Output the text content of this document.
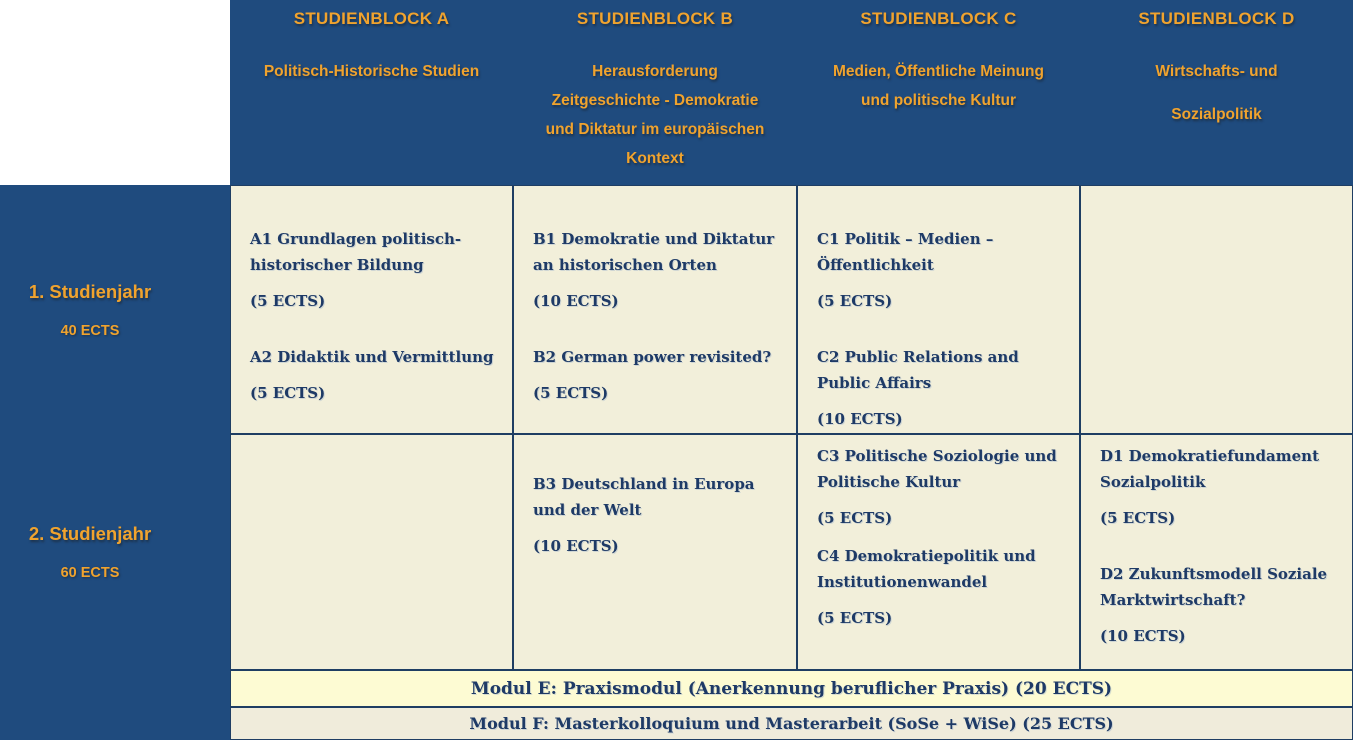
STUDIENBLOCK A
Politisch-Historische Studien
STUDIENBLOCK B
Herausforderung
Zeitgeschichte - Demokratie
und Diktatur im europäischen
Kontext
STUDIENBLOCK C
Medien, Öffentliche Meinung
und politische Kultur
STUDIENBLOCK D
Wirtschafts- und
Sozialpolitik
1. Studienjahr
40 ECTS
A1 Grundlagen politisch-
historischer Bildung

(5 ECTS)

A2 Didaktik und Vermittlung

(5 ECTS)

B1 Demokratie und Diktatur
an historischen Orten

(10 ECTS)

B2 German power revisited?

(5 ECTS)

C1 Politik – Medien –
Öffentlichkeit

(5 ECTS)

C2 Public Relations and
Public Affairs

(10 ECTS)

2. Studienjahr
60 ECTS
B3 Deutschland in Europa
und der Welt

(10 ECTS)

C3 Politische Soziologie und
Politische Kultur

(5 ECTS)

C4 Demokratiepolitik und
Institutionenwandel

(5 ECTS)

D1 Demokratiefundament
Sozialpolitik

(5 ECTS)

D2 Zukunftsmodell Soziale
Marktwirtschaft?

(10 ECTS)

Modul E: Praxismodul (Anerkennung beruflicher Praxis) (20 ECTS)
Modul F: Masterkolloquium und Masterarbeit (SoSe + WiSe) (25 ECTS)
